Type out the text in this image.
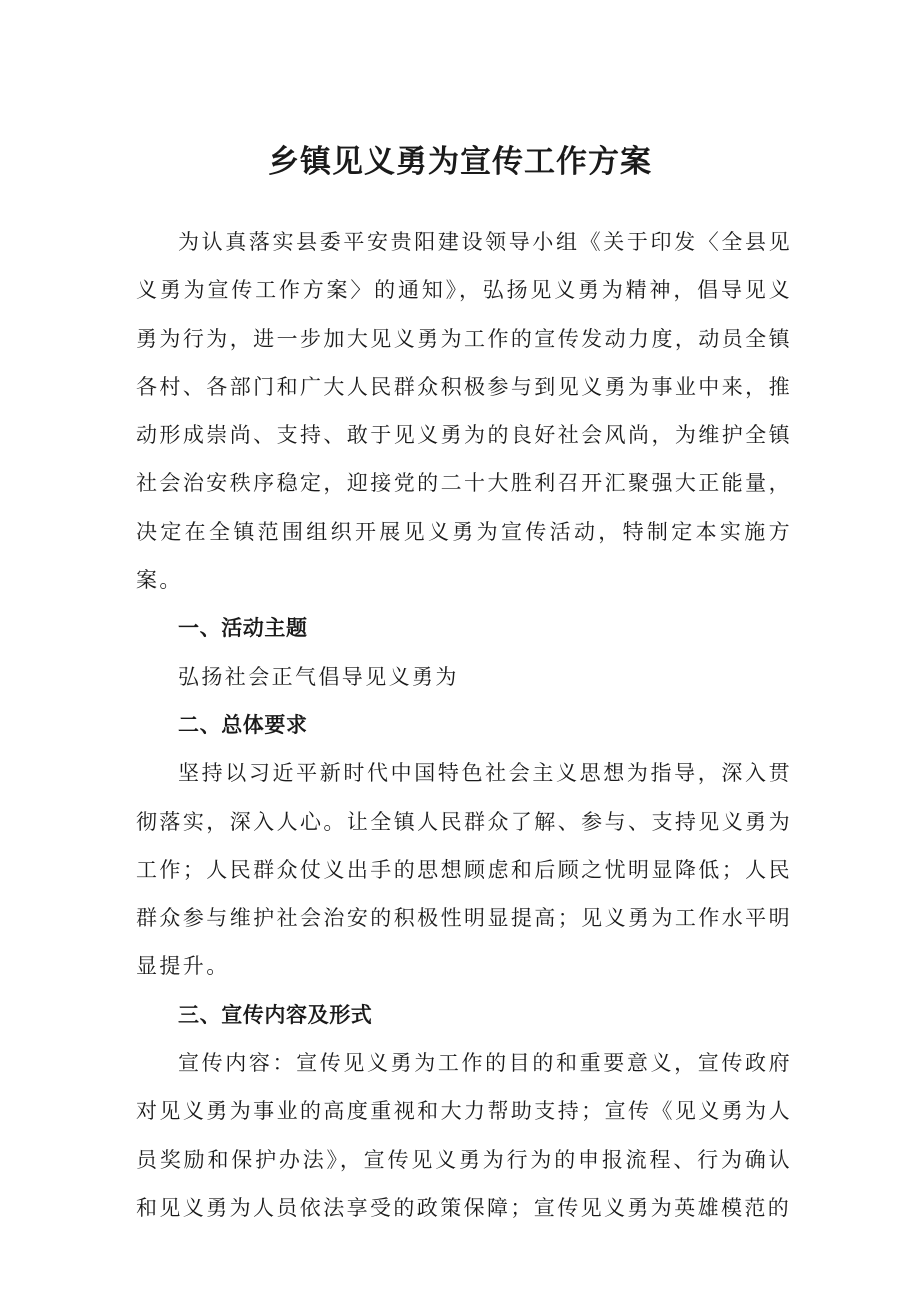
乡镇见义勇为宣传工作方案

为认真落实县委平安贵阳建设领导小组《关于印发〈全县见义勇为宣传工作方案〉的通知》，弘扬见义勇为精神，倡导见义勇为行为，进一步加大见义勇为工作的宣传发动力度，动员全镇各村、各部门和广大人民群众积极参与到见义勇为事业中来，推动形成崇尚、支持、敢于见义勇为的良好社会风尚，为维护全镇社会治安秩序稳定，迎接党的二十大胜利召开汇聚强大正能量，决定在全镇范围组织开展见义勇为宣传活动，特制定本实施方案。

一、活动主题

弘扬社会正气倡导见义勇为

二、总体要求

坚持以习近平新时代中国特色社会主义思想为指导，深入贯彻落实，深入人心。让全镇人民群众了解、参与、支持见义勇为工作；人民群众仗义出手的思想顾虑和后顾之忧明显降低；人民群众参与维护社会治安的积极性明显提高；见义勇为工作水平明显提升。

三、宣传内容及形式

宣传内容：宣传见义勇为工作的目的和重要意义，宣传政府对见义勇为事业的高度重视和大力帮助支持；宣传《见义勇为人员奖励和保护办法》，宣传见义勇为行为的申报流程、行为确认和见义勇为人员依法享受的政策保障；宣传见义勇为英雄模范的
